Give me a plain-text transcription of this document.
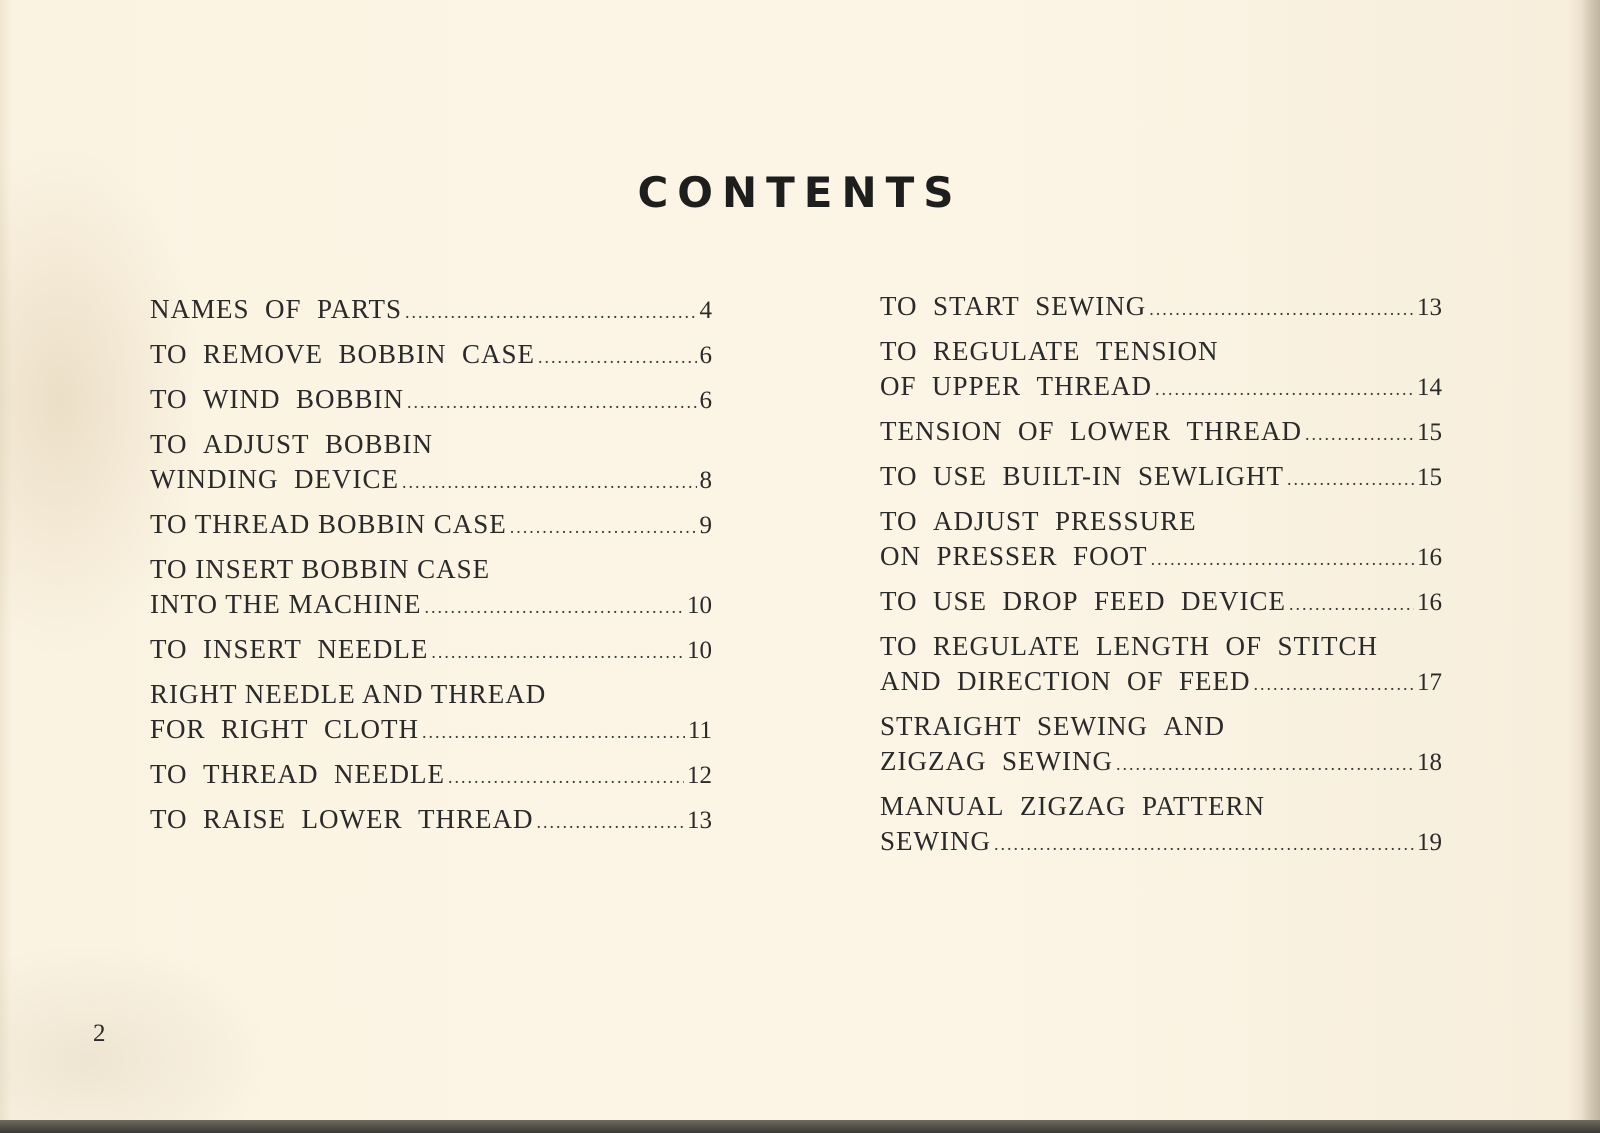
CONTENTS
NAMES  OF  PARTS .....	4
TO  REMOVE  BOBBIN  CASE .....	6
TO  WIND  BOBBIN .....	6
TO  ADJUST  BOBBIN
WINDING  DEVICE .....	8
TO THREAD BOBBIN CASE .....	9
TO INSERT BOBBIN CASE
INTO THE MACHINE .....	10
TO  INSERT  NEEDLE .....	10
RIGHT NEEDLE AND THREAD
FOR  RIGHT  CLOTH .....	11
TO  THREAD  NEEDLE .....	12
TO  RAISE  LOWER  THREAD .....	13
TO  START  SEWING .....	13
TO  REGULATE  TENSION
OF  UPPER  THREAD .....	14
TENSION  OF  LOWER  THREAD .....	15
TO  USE  BUILT-IN  SEWLIGHT .....	15
TO  ADJUST  PRESSURE
ON  PRESSER  FOOT .....	16
TO  USE  DROP  FEED  DEVICE .....	16
TO  REGULATE  LENGTH  OF  STITCH
AND  DIRECTION  OF  FEED .....	17
STRAIGHT  SEWING  AND
ZIGZAG  SEWING .....	18
MANUAL  ZIGZAG  PATTERN
SEWING .....	19
2
